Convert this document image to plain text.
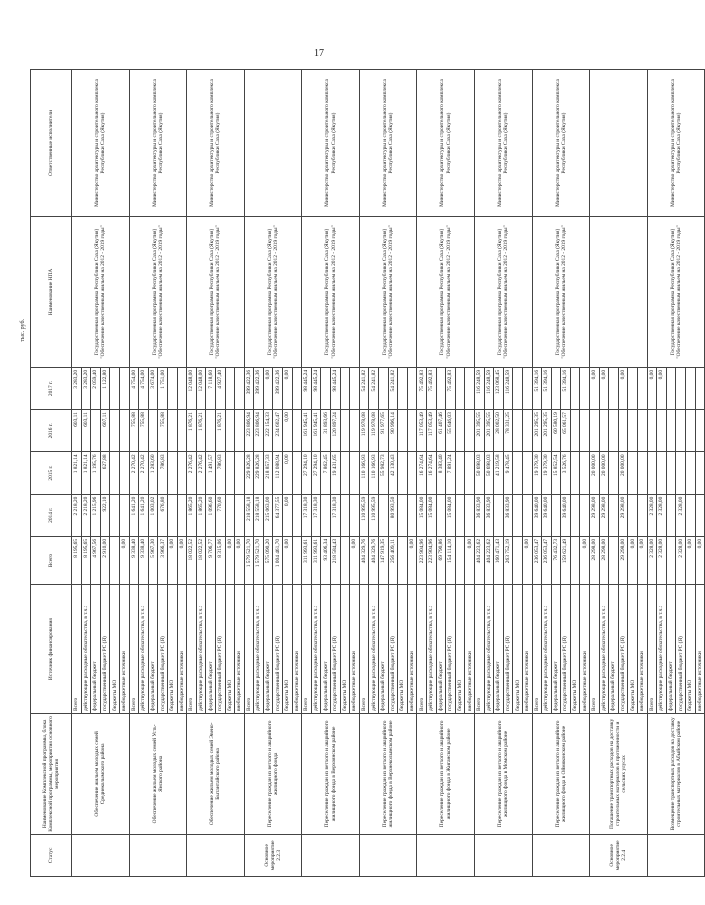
17
тыс. руб.
Статус	Наименование Комплексной программы, блока Комплексной программы, мероприятия основного мероприятия	Источник финансирования	Всего	2014 г.	2015 г.	2016 г.	2017 г.	Наименование НПА	Ответственные исполнители
	Обеспечение жильем молодых семей Среднеколымского района	Всего	8 195,65	2 218,20	1 821,14	603,11	3 283,20	Государственная программа Республики Саха (Якутия) "Обеспечение качественным жильем на 2012 - 2019 годы"	Министерство архитектуры и строительного комплекса Республики Саха (Якутия)
		действующие расходные обязательства, в т.ч.:	8 195,65	2 218,20	1 821,14	603,11	3 283,20		
		федеральный бюджет	4 967,56	1 215,96	1 195,76		2 059,40		
		государственный бюджет РС (Я)	2 910,00	922,10	627,88	607,11	1 122,80		
		бюджеты МО							
		внебюджетные источники	0,00						
	Обеспечение жильем молодых семей Усть-Янского района	Всего	9 338,40	1 641,20	2 270,42	755,88	4 754,00	Государственная программа Республики Саха (Якутия) "Обеспечение качественным жильем на 2012 - 2019 годы"	Министерство архитектуры и строительного комплекса Республики Саха (Якутия)
		действующие расходные обязательства, в т.ч.:	9 338,40	1 641,20	2 270,42	755,88	4 754,00		
		федеральный бюджет	5 967,30	1 003,02	1 283,60		3 674,00		
		государственный бюджет РС (Я)	3 966,37	676,80	786,83	755,88	1 751,00		
		бюджеты МО	0,00						
		внебюджетные источники	0,00						
	Обеспечение жильем молодых семей Эвено-Бытантайского района	Всего	18 022,52	1 865,20	2 276,42	1 876,21	12 048,00	Государственная программа Республики Саха (Якутия) "Обеспечение качественным жильем на 2012 - 2019 годы"	Министерство архитектуры и строительного комплекса Республики Саха (Якутия)
		действующие расходные обязательства, в т.ч.:	18 022,52	1 865,20	2 276,42	1 876,21	12 048,00		
		федеральный бюджет	9 706,77	1 096,60	1 491,57		7 118,60		
		государственный бюджет РС (Я)	8 315,06	770,60	786,83	1 876,21	4 927,40		
		бюджеты МО	0,00						
		внебюджетные источники	0,00						
Основное мероприятие 2.2.3	Переселение граждан из ветхого и аварийного жилищного фонда	Всего	1 579 521,70	218 558,18	229 826,28	223 806,94	399 422,36	Государственная программа Республики Саха (Якутия) "Обеспечение качественным жильем на 2012 - 2019 годы"	
		действующие расходные обязательства, в т.ч.:	1 579 521,70	218 558,18	229 826,28	223 806,94	399 422,36		
		федеральный бюджет	575 090,20	215 063,00	218 857,33	222 154,33	0,00		
		государственный бюджет РС (Я)	1 004 461,70	64 377,55	112 088,94	234 602,47	399 422,36		
		бюджеты МО	0,00	0,00	0,00	0,00	0,00		
		внебюджетные источники							
	Переселение граждан из ветхого и аварийного жилищного фонда в Верхоянском районе	Всего	311 993,61	17 318,30	27 294,10	161 945,41	98 445,24	Государственная программа Республики Саха (Якутия) "Обеспечение качественным жильем на 2012 - 2019 годы"	Министерство архитектуры и строительного комплекса Республики Саха (Якутия)
		действующие расходные обязательства, в т.ч.:	311 993,61	17 318,30	27 294,10	161 945,41	98 445,24		
		федеральный бюджет	93 406,34		7 862,45	31 893,66			
		государственный бюджет РС (Я)	218 584,43	17 318,30	19 431,65	120 897,24	98 445,24		
		бюджеты МО							
		внебюджетные источники	0,00						
	Переселение граждан из ветхого и аварийного жилищного фонда в Верхнеколымском районе	Всего	404 329,76	110 995,59	110 166,93	119 978,08	54 241,82	Государственная программа Республики Саха (Якутия) "Обеспечение качественным жильем на 2012 - 2019 годы"	Министерство архитектуры и строительного комплекса Республики Саха (Якутия)
		действующие расходные обязательства, в т.ч.:	404 329,76	110 995,59	110 166,93	119 978,08	54 241,82		
		федеральный бюджет	147 919,35		55 982,73	91 977,65			
		государственный бюджет РС (Я)	256 409,11	80 993,50	42 130,43	90 996,14	54 241,82		
		бюджеты МО							
		внебюджетные источники	0,00						
	Переселение граждан из ветхого и аварийного жилищного фонда в Жиганском районе	Всего	223 904,96	15 084,00	16 274,64	117 053,49	75 492,83	Государственная программа Республики Саха (Якутия) "Обеспечение качественным жильем на 2012 - 2019 годы"	Министерство архитектуры и строительного комплекса Республики Саха (Якутия)
		действующие расходные обязательства, в т.ч.:	223 904,96	15 084,00	16 274,64	117 053,49	75 492,83		
		федеральный бюджет	69 790,86		8 383,40	61 407,46			
		государственный бюджет РС (Я)	154 114,10	15 084,00	7 891,24	55 646,03	75 492,83		
		бюджеты МО							
		внебюджетные источники	0,00						
	Переселение граждан из ветхого и аварийного жилищного фонда в Момском районе	Всего	404 223,62	36 833,90	50 698,03	201 395,55	116 248,59	Государственная программа Республики Саха (Якутия) "Обеспечение качественным жильем на 2012 - 2019 годы"	Министерство архитектуры и строительного комплекса Республики Саха (Якутия)
		действующие расходные обязательства, в т.ч.:	404 223,62	36 833,90	50 698,03	201 395,55	116 248,59		
		федеральный бюджет	160 471,43		41 219,58	28 002,50	123 068,45		
		государственный бюджет РС (Я)	263 752,19	36 833,90	9 478,45	78 331,25	116 248,59		
		бюджеты МО							
		внебюджетные источники	0,00						
	Переселение граждан из ветхого и аварийного жилищного фонда в Оймяконском районе	Всего	236 053,47	39 640,00	19 379,30	201 295,35	51 394,16	Государственная программа Республики Саха (Якутия) "Обеспечение качественным жильем на 2012 - 2019 годы"	Министерство архитектуры и строительного комплекса Республики Саха (Якутия)
		действующие расходные обязательства, в т.ч.:	236 053,47	39 640,00	19 379,30	201 295,35	51 394,16		
		федеральный бюджет	76 432,73		15 852,54	60 580,19			
		государственный бюджет РС (Я)	159 621,49	39 640,00	3 526,76	65 061,57	51 394,16		
		бюджеты МО							
		внебюджетные источники	0,00						
Основное мероприятие 2.2.4	Погашение транспортных расходов на доставку строительных материалов в протяженности и сельских улусах	Всего	28 298,00	29 298,00	20 000,00		0,00		
		действующие расходные обязательства, в т.ч.:	28 298,00	29 298,00	20 000,00		0,00		
		федеральный бюджет							
		государственный бюджет РС (Я)	29 298,00	29 298,00	20 000,00		0,00		
		бюджеты МО	0,00						
		внебюджетные источники	0,00						
	Возмещение транспортных расходов на доставку строительных материалов в Абыйском районе	Всего	2 328,00	2 328,00			0,00	Государственная программа Республики Саха (Якутия) "Обеспечение качественным жильем на 2012 - 2019 годы"	Министерство архитектуры и строительного комплекса Республики Саха (Якутия)
		действующие расходные обязательства, в т.ч.:	2 328,00	2 328,00			0,00		
		федеральный бюджет							
		государственный бюджет РС (Я)	2 328,00	2 328,00					
		бюджеты МО	0,00						
		внебюджетные источники	0,00						
